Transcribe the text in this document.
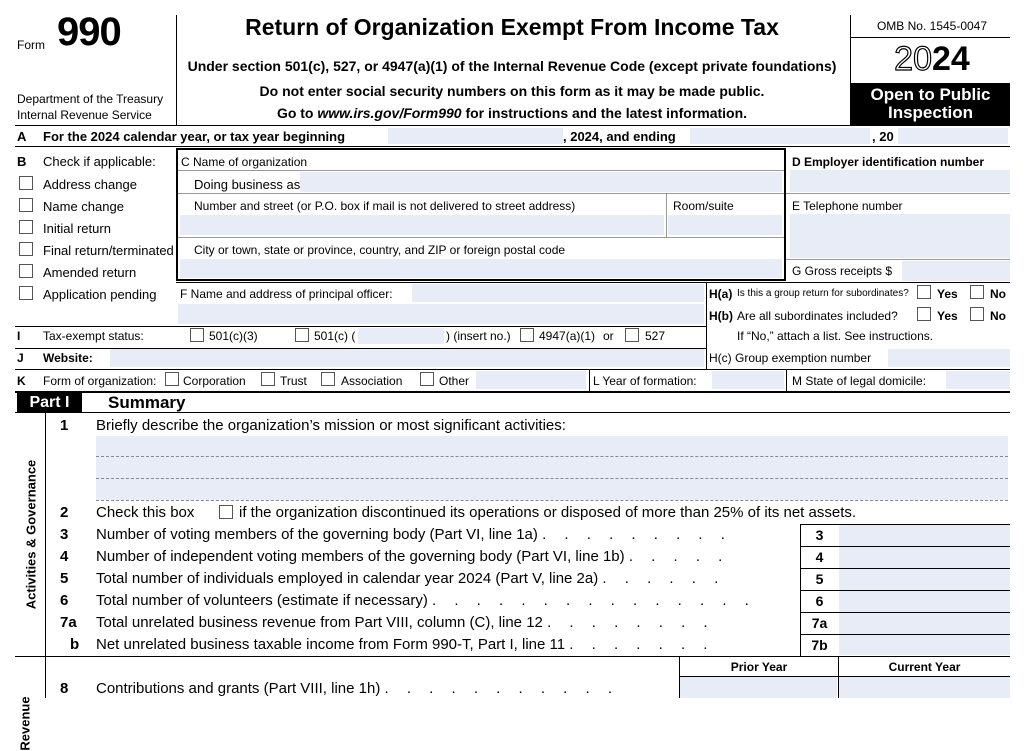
Form 990
Department of the Treasury
Internal Revenue Service
Return of Organization Exempt From Income Tax
Under section 501(c), 527, or 4947(a)(1) of the Internal Revenue Code (except private foundations)
Do not enter social security numbers on this form as it may be made public.
Go to www.irs.gov/Form990 for instructions and the latest information.
OMB No. 1545-0047
2024
Open to Public
Inspection
A For the 2024 calendar year, or tax year beginning	, 2024, and ending	, 20
B Check if applicable:
Address change
Name change
Initial return
Final return/terminated
Amended return
Application pending
C Name of organization
Doing business as
Number and street (or P.O. box if mail is not delivered to street address)	Room/suite
City or town, state or province, country, and ZIP or foreign postal code
D Employer identification number
E Telephone number
G Gross receipts $
F Name and address of principal officer:	H(a) Is this a group return for subordinates? Yes	No
H(b) Are all subordinates included?	Yes	No
If “No,” attach a list. See instructions.
I Tax-exempt status:	501(c)(3)	501(c) (	) (insert no.) 4947(a)(1) or	527
J Website:	H(c) Group exemption number
K Form of organization: Corporation	Trust	Association	Other	L Year of formation:	M State of legal domicile:
Part I	Summary
Activities & Governance
Revenue
1 Briefly describe the organization’s mission or most significant activities:
2 Check this box	if the organization discontinued its operations or disposed of more than 25% of its net assets.
3 Number of voting members of the governing body (Part VI, line 1a) . . . . . . . . .	3
4 Number of independent voting members of the governing body (Part VI, line 1b) . . . . .	4
5 Total number of individuals employed in calendar year 2024 (Part V, line 2a) . . . . . .	5
6 Total number of volunteers (estimate if necessary) . . . . . . . . . . . . . . .	6
7a Total unrelated business revenue from Part VIII, column (C), line 12 . . . . . . . .	7a
b Net unrelated business taxable income from Form 990-T, Part I, line 11 . . . . . . .	7b
Prior Year	Current Year
8 Contributions and grants (Part VIII, line 1h) . . . . . . . . . . .
